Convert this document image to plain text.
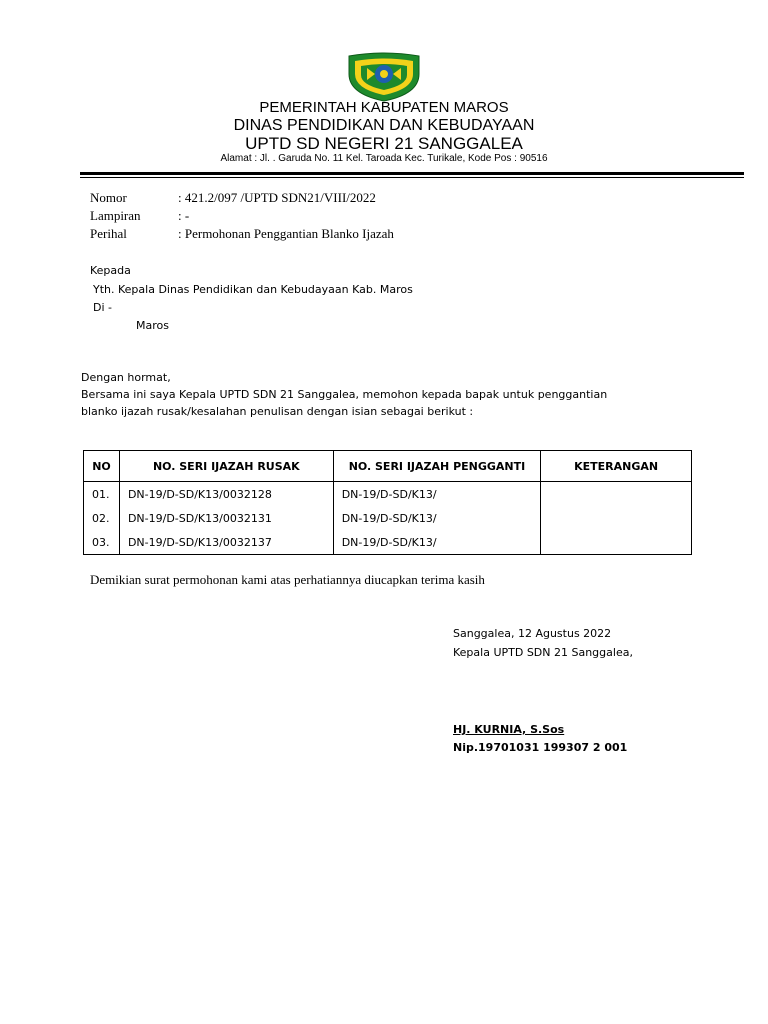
PEMERINTAH KABUPATEN MAROS
DINAS PENDIDIKAN DAN KEBUDAYAAN
UPTD SD NEGERI 21 SANGGALEA
Alamat : Jl. . Garuda No. 11 Kel. Taroada Kec. Turikale, Kode Pos : 90516
Nomor	: 421.2/097 /UPTD SDN21/VIII/2022
Lampiran	: -
Perihal	: Permohonan Penggantian Blanko Ijazah
Kepada
Yth. Kepala Dinas Pendidikan dan Kebudayaan Kab. Maros
Di -
Maros
Dengan hormat,
Bersama ini saya Kepala UPTD SDN 21 Sanggalea, memohon kepada bapak untuk penggantian
blanko ijazah rusak/kesalahan penulisan dengan isian sebagai berikut :
NO	NO. SERI IJAZAH RUSAK	NO. SERI IJAZAH PENGGANTI	KETERANGAN
01.	DN-19/D-SD/K13/0032128	DN-19/D-SD/K13/	
02.	DN-19/D-SD/K13/0032131	DN-19/D-SD/K13/	
03.	DN-19/D-SD/K13/0032137	DN-19/D-SD/K13/	
Demikian surat permohonan kami atas perhatiannya diucapkan terima kasih
Sanggalea, 12 Agustus 2022
Kepala UPTD SDN 21 Sanggalea,
HJ. KURNIA, S.Sos
Nip.19701031 199307 2 001
